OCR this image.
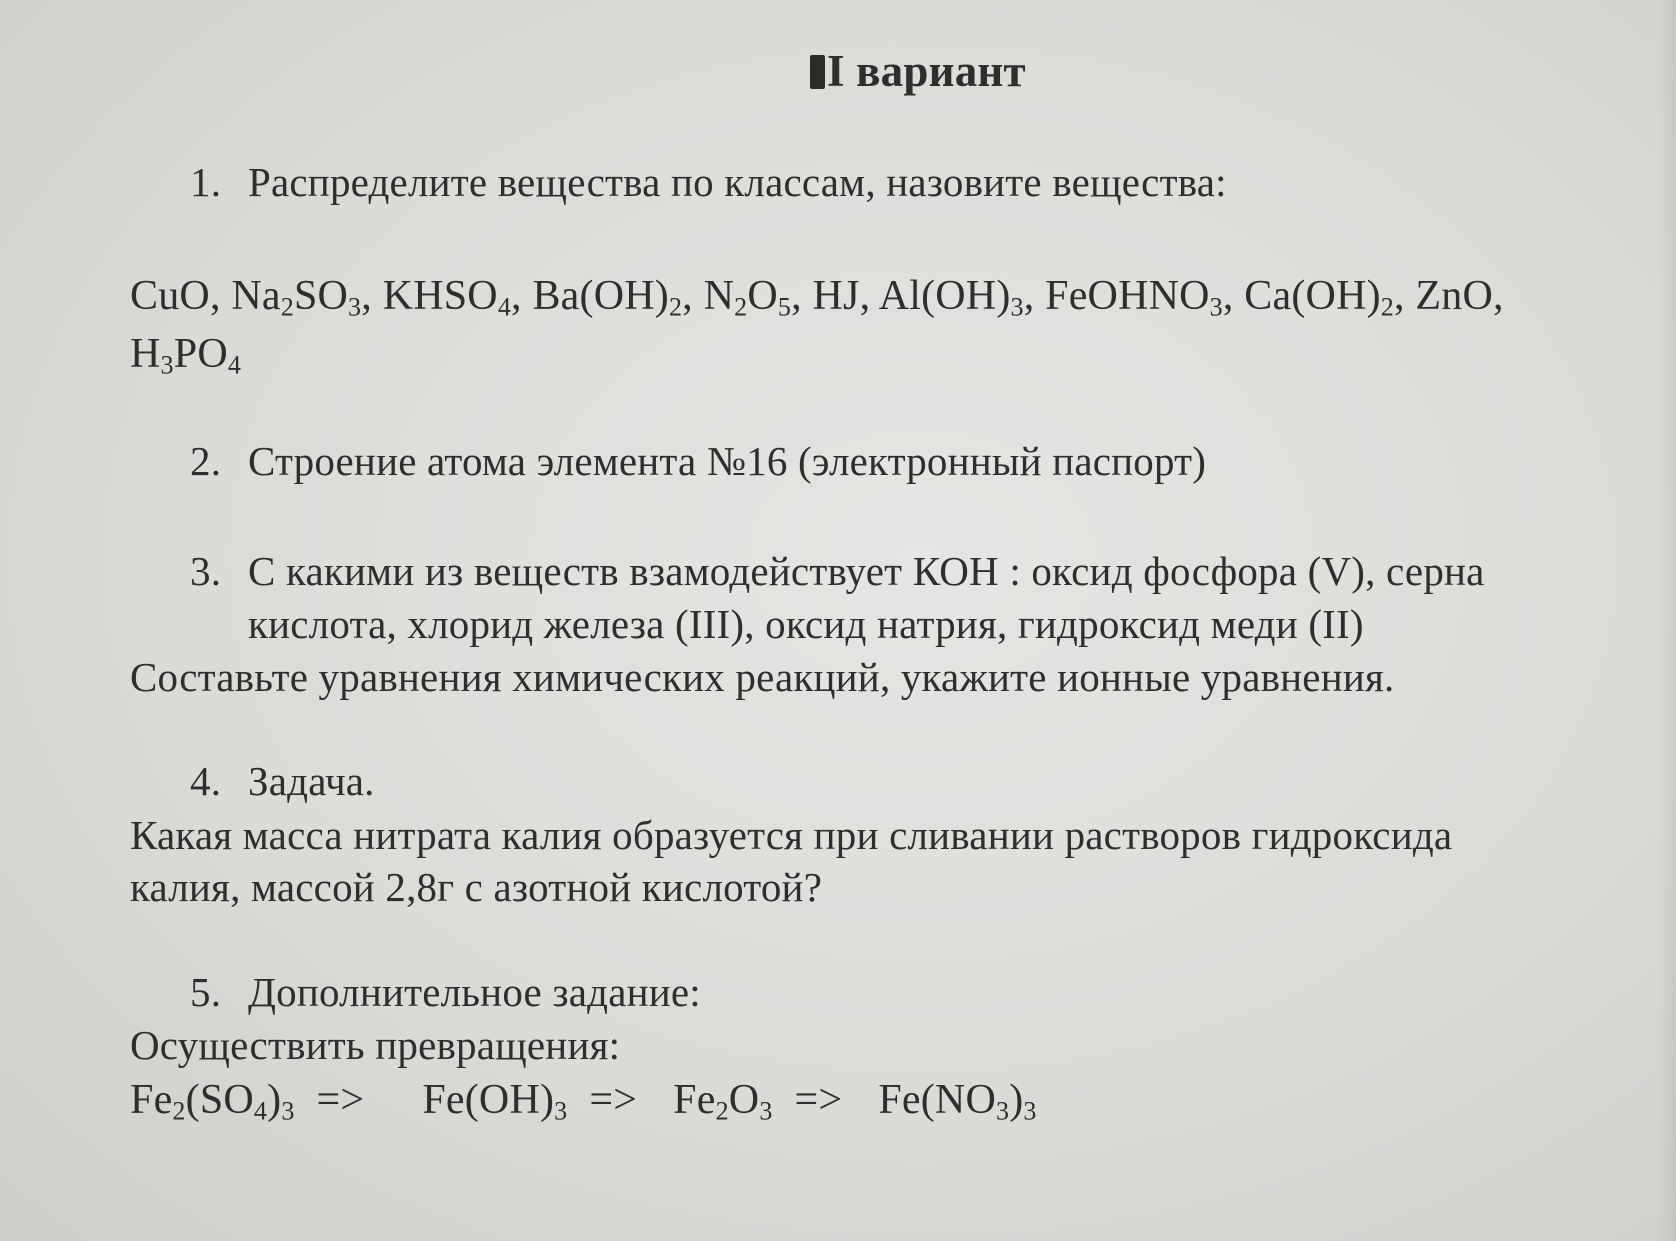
I вариант
1. Распределите вещества по классам, назовите вещества:
CuO, $Na_2SO_3$, $KHSO_4$, $Ba(OH)_2$, $N_2O_5$, HJ, $Al(OH)_3$, FeOHNO$_3$, $Ca(OH)_2$, ZnO,
$H_3PO_4$
2. Строение атома элемента №16 (электронный паспорт)
3. С какими из веществ взамодействует КОН : оксид фосфора (V), серна
кислота, хлорид железа (III), оксид натрия, гидроксид меди (II)
Составьте уравнения химических реакций, укажите ионные уравнения.
4. Задача.
Какая масса нитрата калия образуется при сливании растворов гидроксида
калия, массой 2,8г с азотной кислотой?
5. Дополнительное задание:
Осуществить превращения:
$Fe_2(SO_4)_3 => Fe(OH)_3 => Fe_2O_3 => Fe(NO_3)_3$
